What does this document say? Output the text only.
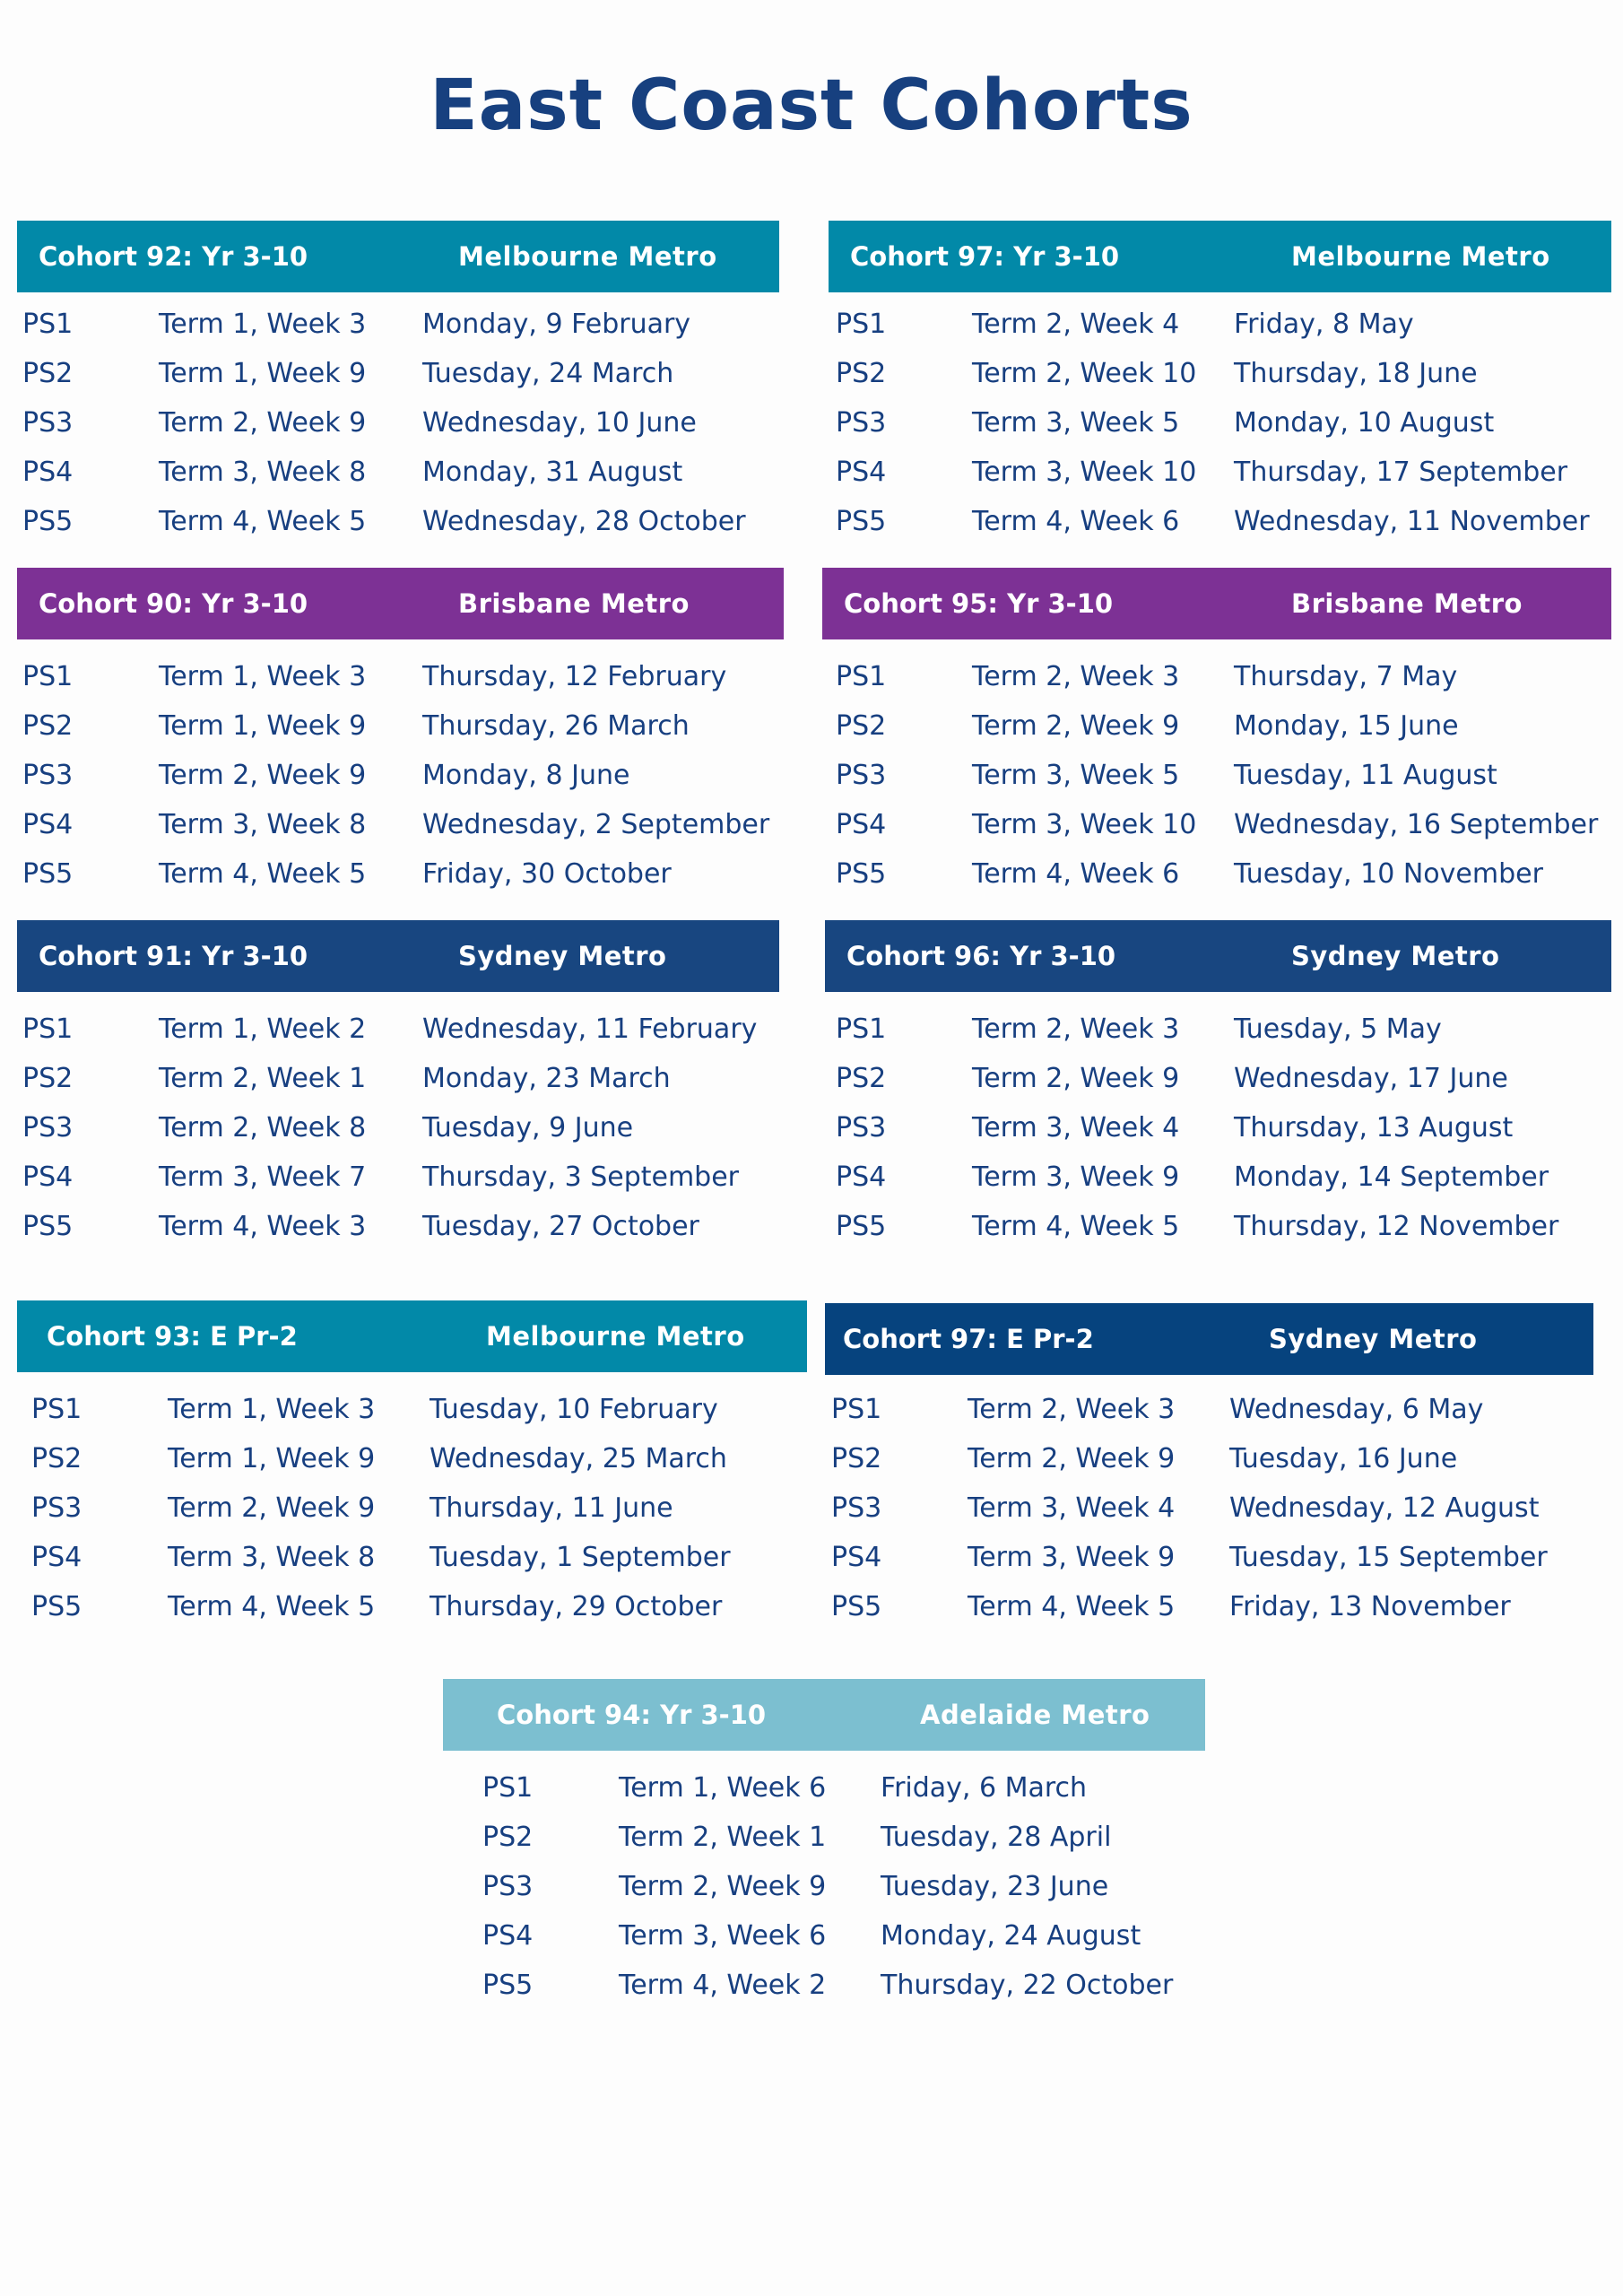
East Coast Cohorts
Cohort 92: Yr 3-10	Melbourne Metro
PS1	Term 1, Week 3 Monday, 9 February
PS2	Term 1, Week 9 Tuesday, 24 March
PS3	Term 2, Week 9 Wednesday, 10 June
PS4	Term 3, Week 8 Monday, 31 August
PS5	Term 4, Week 5 Wednesday, 28 October
Cohort 97: Yr 3-10	Melbourne Metro
PS1	Term 2, Week 4 Friday, 8 May
PS2	Term 2, Week 10 Thursday, 18 June
PS3	Term 3, Week 5 Monday, 10 August
PS4	Term 3, Week 10 Thursday, 17 September
PS5	Term 4, Week 6 Wednesday, 11 November
Cohort 90: Yr 3-10	Brisbane Metro
PS1	Term 1, Week 3 Thursday, 12 February
PS2	Term 1, Week 9 Thursday, 26 March
PS3	Term 2, Week 9 Monday, 8 June
PS4	Term 3, Week 8 Wednesday, 2 September
PS5	Term 4, Week 5 Friday, 30 October
Cohort 95: Yr 3-10	Brisbane Metro
PS1	Term 2, Week 3 Thursday, 7 May
PS2	Term 2, Week 9 Monday, 15 June
PS3	Term 3, Week 5 Tuesday, 11 August
PS4	Term 3, Week 10 Wednesday, 16 September
PS5	Term 4, Week 6 Tuesday, 10 November
Cohort 91: Yr 3-10	Sydney Metro
PS1	Term 1, Week 2 Wednesday, 11 February
PS2	Term 2, Week 1 Monday, 23 March
PS3	Term 2, Week 8 Tuesday, 9 June
PS4	Term 3, Week 7 Thursday, 3 September
PS5	Term 4, Week 3 Tuesday, 27 October
Cohort 96: Yr 3-10	Sydney Metro
PS1	Term 2, Week 3 Tuesday, 5 May
PS2	Term 2, Week 9 Wednesday, 17 June
PS3	Term 3, Week 4 Thursday, 13 August
PS4	Term 3, Week 9 Monday, 14 September
PS5	Term 4, Week 5 Thursday, 12 November
Cohort 93: E Pr-2	Melbourne Metro
PS1	Term 1, Week 3 Tuesday, 10 February
PS2	Term 1, Week 9 Wednesday, 25 March
PS3	Term 2, Week 9 Thursday, 11 June
PS4	Term 3, Week 8 Tuesday, 1 September
PS5	Term 4, Week 5 Thursday, 29 October
Cohort 97: E Pr-2	Sydney Metro
PS1	Term 2, Week 3 Wednesday, 6 May
PS2	Term 2, Week 9 Tuesday, 16 June
PS3	Term 3, Week 4 Wednesday, 12 August
PS4	Term 3, Week 9 Tuesday, 15 September
PS5	Term 4, Week 5 Friday, 13 November
Cohort 94: Yr 3-10	Adelaide Metro
PS1	Term 1, Week 6 Friday, 6 March
PS2	Term 2, Week 1 Tuesday, 28 April
PS3	Term 2, Week 9 Tuesday, 23 June
PS4	Term 3, Week 6 Monday, 24 August
PS5	Term 4, Week 2 Thursday, 22 October
